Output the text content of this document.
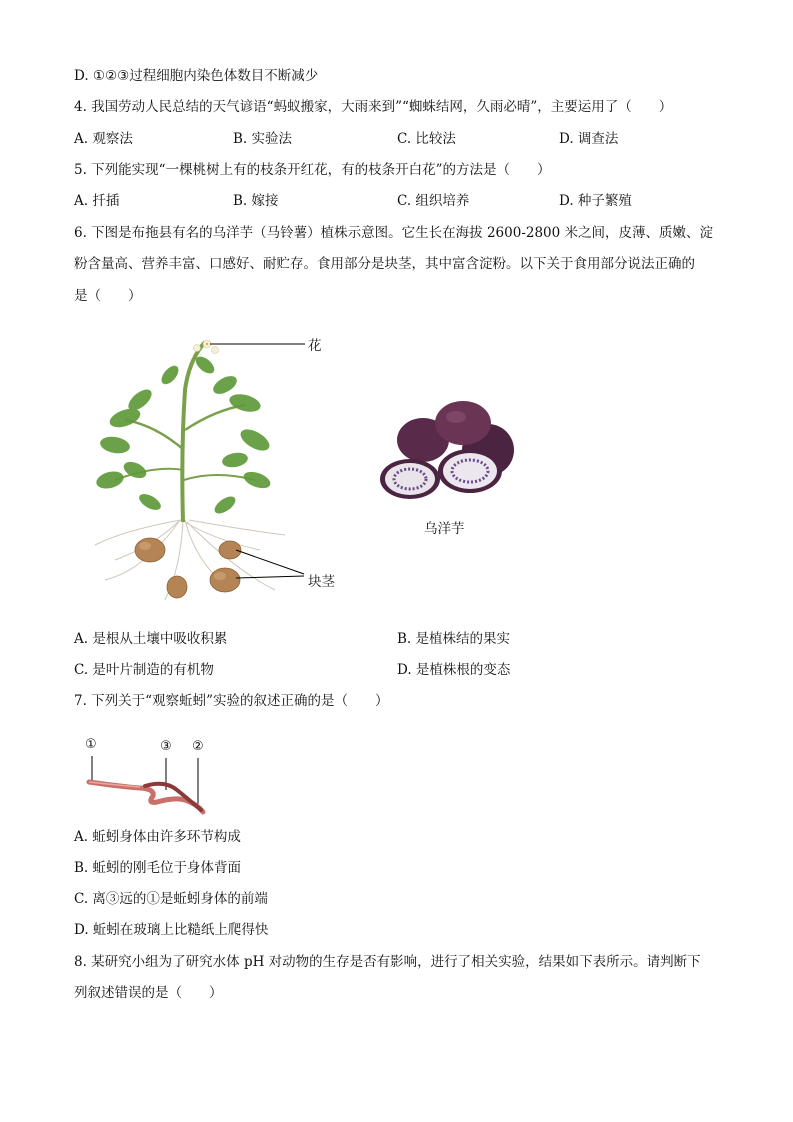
D. ①②③过程细胞内染色体数目不断减少
4. 我国劳动人民总结的天气谚语“蚂蚁搬家，大雨来到”“蜘蛛结网，久雨必晴”，主要运用了（　　）
A. 观察法	B. 实验法	C. 比较法	D. 调查法
5. 下列能实现“一棵桃树上有的枝条开红花，有的枝条开白花”的方法是（　　）
A. 扦插	B. 嫁接	C. 组织培养	D. 种子繁殖
6. 下图是布拖县有名的乌洋芋（马铃薯）植株示意图。它生长在海拔 2600-2800 米之间，皮薄、质嫩、淀
粉含量高、营养丰富、口感好、耐贮存。食用部分是块茎，其中富含淀粉。以下关于食用部分说法正确的
是（　　）
花
块茎
乌洋芋
A. 是根从土壤中吸收积累	B. 是植株结的果实
C. 是叶片制造的有机物	D. 是植株根的变态
7. 下列关于“观察蚯蚓”实验的叙述正确的是（　　）
①	③ ②
A. 蚯蚓身体由许多环节构成
B. 蚯蚓的刚毛位于身体背面
C. 离③远的①是蚯蚓身体的前端
D. 蚯蚓在玻璃上比糙纸上爬得快
8. 某研究小组为了研究水体 pH 对动物的生存是否有影响，进行了相关实验，结果如下表所示。请判断下
列叙述错误的是（　　）
